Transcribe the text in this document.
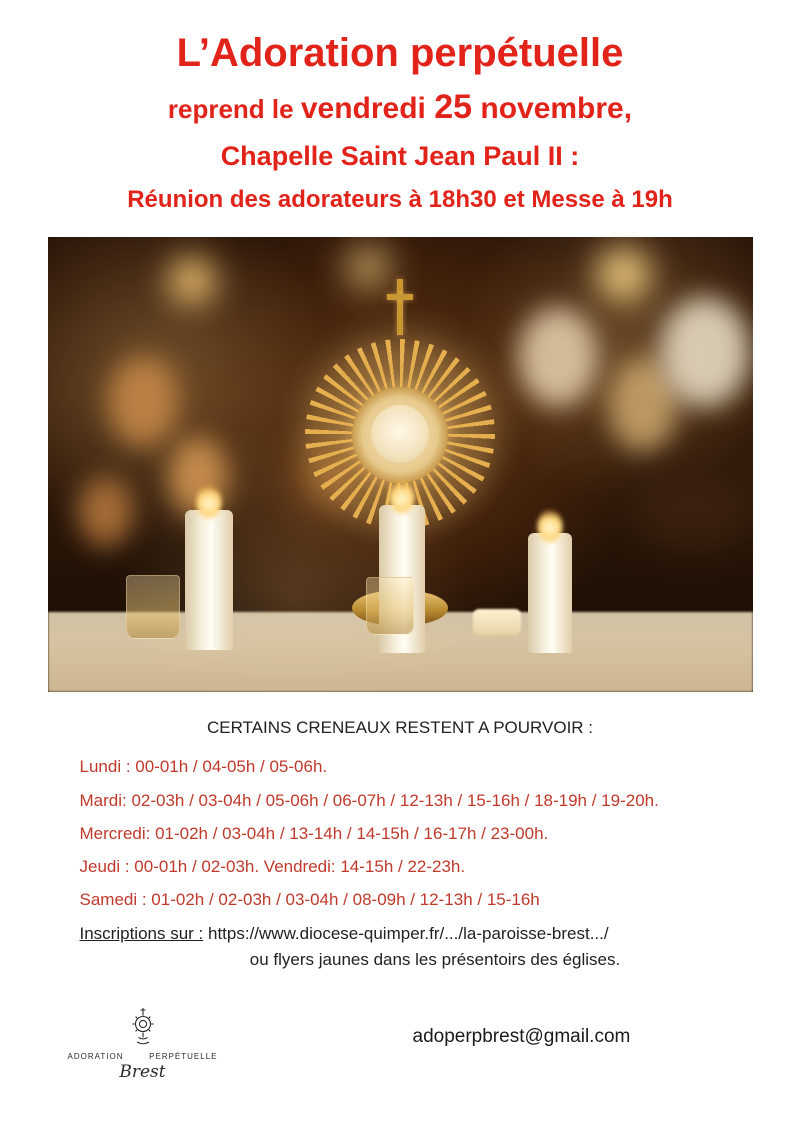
L’Adoration perpétuelle
reprend le vendredi 25 novembre,
Chapelle Saint Jean Paul II :
Réunion des adorateurs à 18h30 et Messe à 19h
CERTAINS CRENEAUX RESTENT A POURVOIR :
Lundi : 00-01h / 04-05h / 05-06h.
Mardi: 02-03h / 03-04h / 05-06h / 06-07h / 12-13h / 15-16h / 18-19h / 19-20h.
Mercredi: 01-02h / 03-04h / 13-14h / 14-15h / 16-17h / 23-00h.
Jeudi : 00-01h / 02-03h. Vendredi: 14-15h / 22-23h.
Samedi : 01-02h / 02-03h / 03-04h / 08-09h / 12-13h / 15-16h
Inscriptions sur : https://www.diocese-quimper.fr/.../la-paroisse-brest.../
ou flyers jaunes dans les présentoirs des églises.
ADORATION	PERPÉTUELLE
Brest
adoperpbrest@gmail.com
